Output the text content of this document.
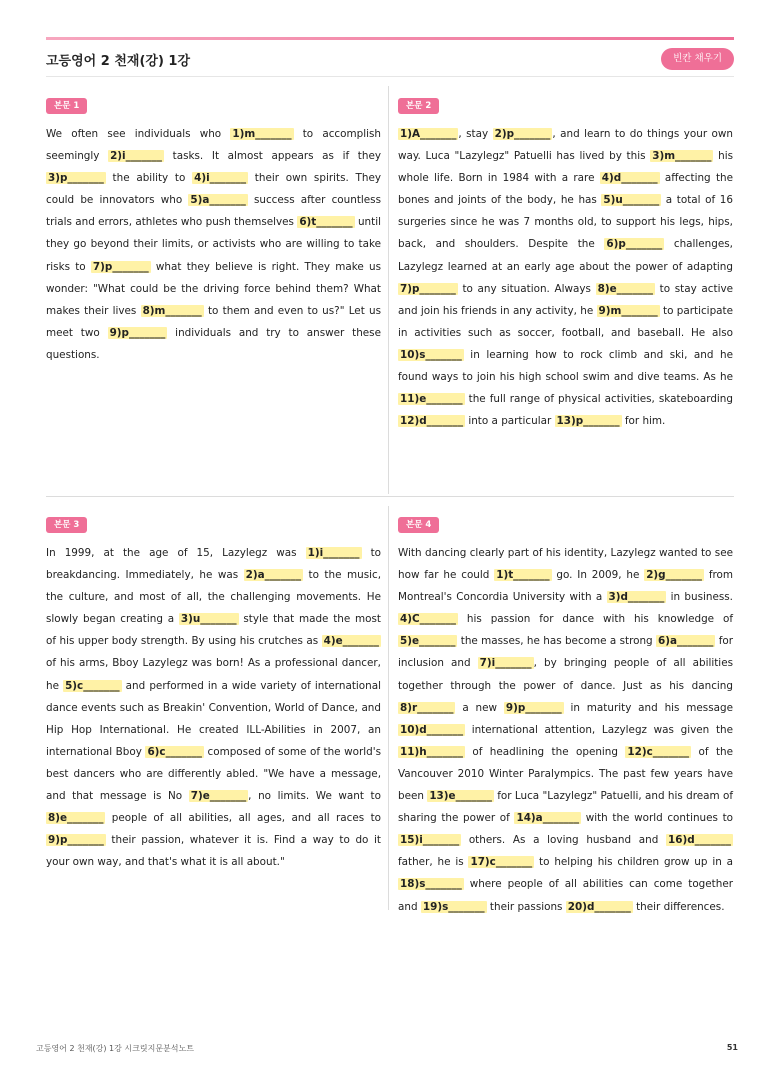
고등영어 2 천재(강) 1강	빈칸 채우기
본문 1
We often see individuals who 1)m_______ to accomplish seemingly 2)i_______ tasks. It almost appears as if they 3)p_______ the ability to 4)i_______ their own spirits. They could be innovators who 5)a_______ success after countless trials and errors, athletes who push themselves 6)t_______ until they go beyond their limits, or activists who are willing to take risks to 7)p_______ what they believe is right. They make us wonder: "What could be the driving force behind them? What makes their lives 8)m_______ to them and even to us?" Let us meet two 9)p_______ individuals and try to answer these questions.
본문 2
1)A_______ , stay 2)p_______ , and learn to do things your own way. Luca "Lazylegz" Patuelli has lived by this 3)m_______ his whole life. Born in 1984 with a rare 4)d_______ affecting the bones and joints of the body, he has 5)u_______ a total of 16 surgeries since he was 7 months old, to support his legs, hips, back, and shoulders. Despite the 6)p_______ challenges, Lazylegz learned at an early age about the power of adapting 7)p_______ to any situation. Always 8)e_______ to stay active and join his friends in any activity, he 9)m_______ to participate in activities such as soccer, football, and baseball. He also 10)s_______ in learning how to rock climb and ski, and he found ways to join his high school swim and dive teams. As he 11)e_______ the full range of physical activities, skateboarding 12)d_______ into a particular 13)p_______ for him.
본문 3
In 1999, at the age of 15, Lazylegz was 1)i_______ to breakdancing. Immediately, he was 2)a_______ to the music, the culture, and most of all, the challenging movements. He slowly began creating a 3)u_______ style that made the most of his upper body strength. By using his crutches as 4)e_______ of his arms, Bboy Lazylegz was born! As a professional dancer, he 5)c_______ and performed in a wide variety of international dance events such as Breakin' Convention, World of Dance, and Hip Hop International. He created ILL-Abilities in 2007, an international Bboy 6)c_______ composed of some of the world's best dancers who are differently abled. "We have a message, and that message is No 7)e_______ , no limits. We want to 8)e_______ people of all abilities, all ages, and all races to 9)p_______ their passion, whatever it is. Find a way to do it your own way, and that's what it is all about."
본문 4
With dancing clearly part of his identity, Lazylegz wanted to see how far he could 1)t_______ go. In 2009, he 2)g_______ from Montreal's Concordia University with a 3)d_______ in business. 4)C_______ his passion for dance with his knowledge of 5)e_______ the masses, he has become a strong 6)a_______ for inclusion and 7)i_______ , by bringing people of all abilities together through the power of dance. Just as his dancing 8)r_______ a new 9)p_______ in maturity and his message 10)d_______ international attention, Lazylegz was given the 11)h_______ of headlining the opening 12)c_______ of the Vancouver 2010 Winter Paralympics. The past few years have been 13)e_______ for Luca "Lazylegz" Patuelli, and his dream of sharing the power of 14)a_______ with the world continues to 15)i_______ others. As a loving husband and 16)d_______ father, he is 17)c_______ to helping his children grow up in a 18)s_______ where people of all abilities can come together and 19)s_______ their passions 20)d_______ their differences.
고등영어 2 천재(강) 1강 시크릿지문분석노트	51
